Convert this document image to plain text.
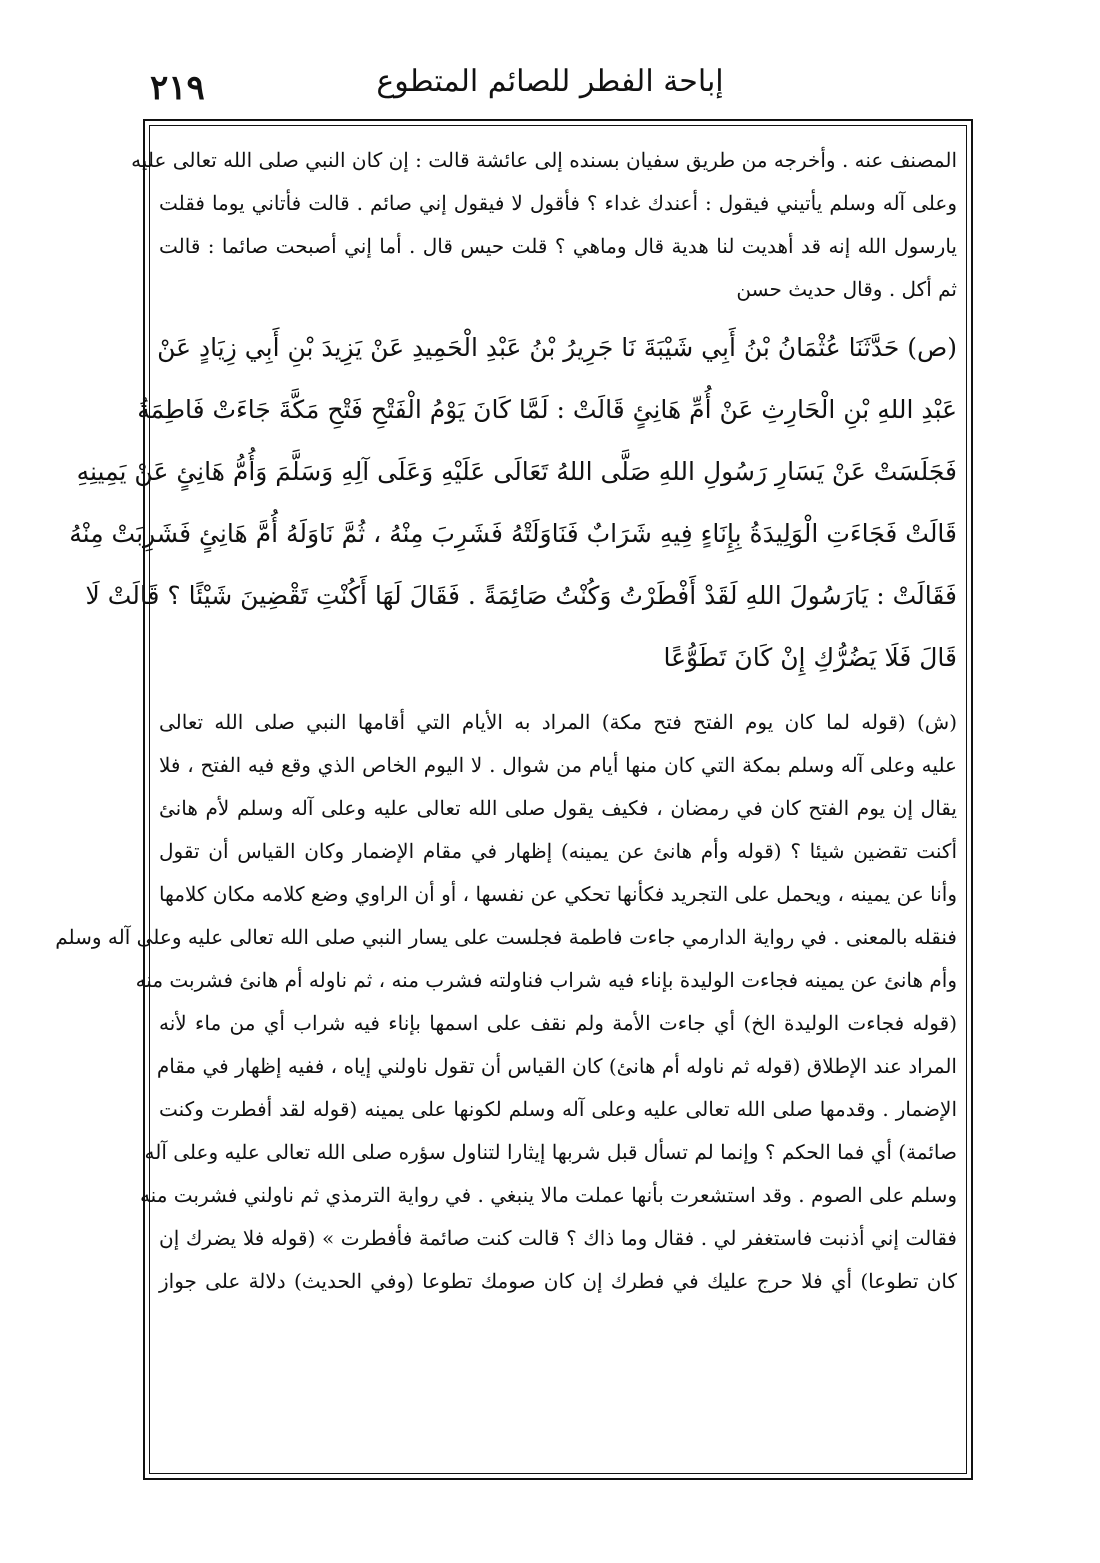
٢١٩	إباحة الفطر للصائم المتطوع
المصنف عنه . وأخرجه من طريق سفيان بسنده إلى عائشة قالت : إن كان النبي صلى الله تعالى عليه
وعلى آله وسلم يأتيني فيقول : أعندك غداء ؟ فأقول لا فيقول إني صائم . قالت فأتاني يوما فقلت
يارسول الله إنه قد أهديت لنا هدية قال وماهي ؟ قلت حيس قال . أما إني أصبحت صائما : قالت
ثم أكل . وقال حديث حسن
(ص) حَدَّثَنَا عُثْمَانُ بْنُ أَبِي شَيْبَةَ نَا جَرِيرُ بْنُ عَبْدِ الْحَمِيدِ عَنْ يَزِيدَ بْنِ أَبِي زِيَادٍ عَنْ
عَبْدِ اللهِ بْنِ الْحَارِثِ عَنْ أُمِّ هَانِئٍ قَالَتْ : لَمَّا كَانَ يَوْمُ الْفَتْحِ فَتْحِ مَكَّةَ جَاءَتْ فَاطِمَةُ
فَجَلَسَتْ عَنْ يَسَارِ رَسُولِ اللهِ صَلَّى اللهُ تَعَالَى عَلَيْهِ وَعَلَى آلِهِ وَسَلَّمَ وَأُمُّ هَانِئٍ عَنْ يَمِينِهِ
قَالَتْ فَجَاءَتِ الْوَلِيدَةُ بِإِنَاءٍ فِيهِ شَرَابٌ فَنَاوَلَتْهُ فَشَرِبَ مِنْهُ ، ثُمَّ نَاوَلَهُ أُمَّ هَانِئٍ فَشَرِبَتْ مِنْهُ
فَقَالَتْ : يَارَسُولَ اللهِ لَقَدْ أَفْطَرْتُ وَكُنْتُ صَائِمَةً . فَقَالَ لَهَا أَكُنْتِ تَقْضِينَ شَيْئًا ؟ قَالَتْ لَا
قَالَ فَلَا يَضُرُّكِ إِنْ كَانَ تَطَوُّعًا
(ش) (قوله لما كان يوم الفتح فتح مكة) المراد به الأيام التي أقامها النبي صلى الله تعالى
عليه وعلى آله وسلم بمكة التي كان منها أيام من شوال . لا اليوم الخاص الذي وقع فيه الفتح ، فلا
يقال إن يوم الفتح كان في رمضان ، فكيف يقول صلى الله تعالى عليه وعلى آله وسلم لأم هانئ
أكنت تقضين شيئا ؟ (قوله وأم هانئ عن يمينه) إظهار في مقام الإضمار وكان القياس أن تقول
وأنا عن يمينه ، ويحمل على التجريد فكأنها تحكي عن نفسها ، أو أن الراوي وضع كلامه مكان كلامها
فنقله بالمعنى . في رواية الدارمي جاءت فاطمة فجلست على يسار النبي صلى الله تعالى عليه وعلى آله وسلم
وأم هانئ عن يمينه فجاءت الوليدة بإناء فيه شراب فناولته فشرب منه ، ثم ناوله أم هانئ فشربت منه
(قوله فجاءت الوليدة الخ) أي جاءت الأمة ولم نقف على اسمها بإناء فيه شراب أي من ماء لأنه
المراد عند الإطلاق (قوله ثم ناوله أم هانئ) كان القياس أن تقول ناولني إياه ، ففيه إظهار في مقام
الإضمار . وقدمها صلى الله تعالى عليه وعلى آله وسلم لكونها على يمينه (قوله لقد أفطرت وكنت
صائمة) أي فما الحكم ؟ وإنما لم تسأل قبل شربها إيثارا لتناول سؤره صلى الله تعالى عليه وعلى آله
وسلم على الصوم . وقد استشعرت بأنها عملت مالا ينبغي . في رواية الترمذي ثم ناولني فشربت منه
فقالت إني أذنبت فاستغفر لي . فقال وما ذاك ؟ قالت كنت صائمة فأفطرت » (قوله فلا يضرك إن
كان تطوعا) أي فلا حرج عليك في فطرك إن كان صومك تطوعا (وفي الحديث) دلالة على جواز
